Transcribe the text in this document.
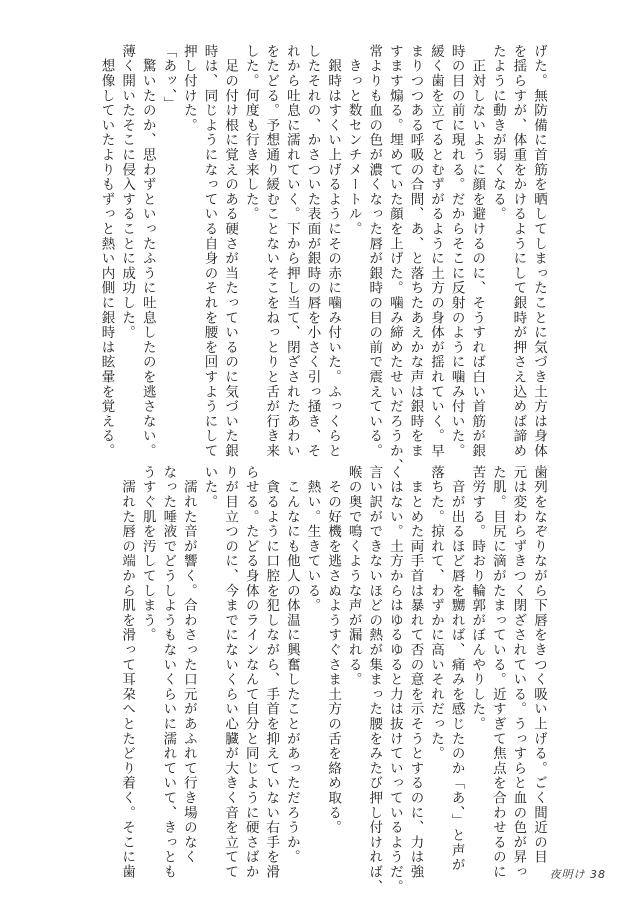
げた。無防備に首筋を晒してしまったことに気づき土方は身体
を揺らすが、体重をかけるようにして銀時が押さえ込めば諦め
たように動きが弱くなる。
　正対しないように顔を避けるのに、そうすれば白い首筋が銀
時の目の前に現れる。だからそこに反射のように噛み付いた。
緩く歯を立てるとむずがるように土方の身体が揺れていく。早
まりつつある呼吸の合間、あ、と落ちたあえかな声は銀時をま
すます煽る。埋めていた顔を上げた。噛み締めたせいだろうか、
常よりも血の色が濃くなった唇が銀時の目の前で震えている。
　きっと数センチメートル。
　銀時はすくい上げるようにその赤に噛み付いた。ふっくらと
したそれの、かさついた表面が銀時の唇を小さく引っ掻き、そ
れから吐息に濡れていく。下から押し当て、閉ざされたあわい
をたどる。予想通り緩むことないそこをねっとりと舌が行き来
した。何度も行き来した。
　足の付け根に覚えのある硬さが当たっているのに気づいた銀
時は、同じようになっている自身のそれを腰を回すようにして
押し付けた。
「あッ、」
　驚いたのか、思わずといったふうに吐息したのを逃さない。
薄く開いたそこに侵入することに成功した。
　想像していたよりもずっと熱い内側に銀時は眩暈を覚える。
歯列をなぞりながら下唇をきつく吸い上げる。ごく間近の目
元は変わらずきつく閉ざされている。うっすらと血の色が昇っ
た肌。目尻に滴がたまっている。近すぎて焦点を合わせるのに
苦労する。時おり輪郭がぼんやりした。
　音が出るほど唇を嬲れば、痛みを感じたのか「あ、」と声が
落ちた。掠れて、わずかに高いそれだった。
　まとめた両手首は暴れて否の意を示そうとするのに、力は強
くはない。土方からはゆるゆると力は抜けていっているようだ。
言い訳ができないほどの熱が集まった腰をみたび押し付ければ、
喉の奥で鳴くような声が漏れる。
　その好機を逃さぬようすぐさま土方の舌を絡め取る。
　熱い。生きている。
　こんなにも他人の体温に興奮したことがあっただろうか。
　貪るように口腔を犯しながら、手首を抑えていない右手を滑
らせる。たどる身体のラインなんて自分と同じように硬さばか
りが目立つのに、今までにないくらい心臓が大きく音を立てて
いた。
　濡れた音が響く。合わさった口元があふれて行き場のなく
なった唾液でどうしようもないくらいに濡れていて、きっとも
うすぐ肌を汚してしまう。
　濡れた唇の端から肌を滑って耳朶へとたどり着く。そこに歯	夜明け 38
